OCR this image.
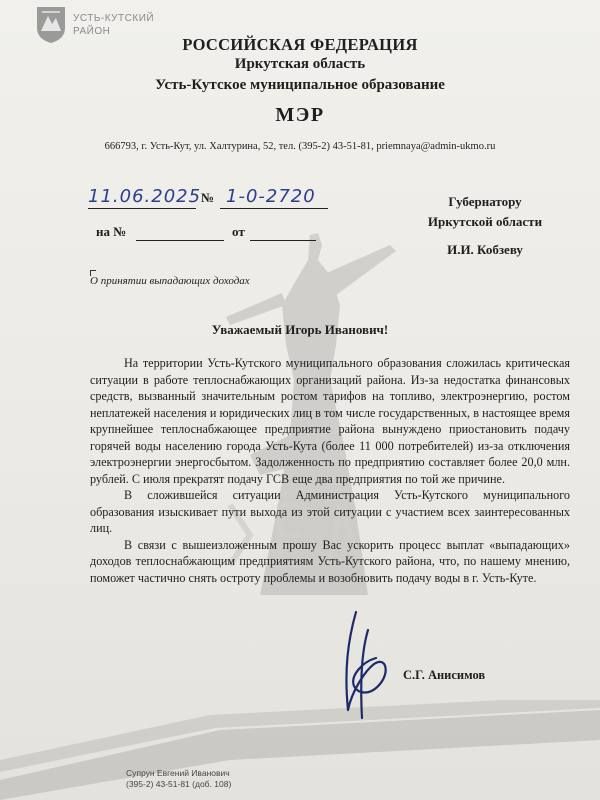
УСТЬ-КУТСКИЙ
РАЙОН
РОССИЙСКАЯ ФЕДЕРАЦИЯ
Иркутская область
Усть-Кутское муниципальное образование
МЭР
666793, г. Усть-Кут, ул. Халтурина, 52, тел. (395-2) 43-51-81, priemnaya@admin-ukmo.ru
11.06.2025 № 1-0-2720
на №	от
Губернатору
Иркутской области
И.И. Кобзеву
О принятии выпадающих доходах
Уважаемый Игорь Иванович!

На территории Усть-Кутского муниципального образования сложилась критическая ситуации в работе теплоснабжающих организаций района. Из-за недостатка финансовых средств, вызванный значительным ростом тарифов на топливо, электроэнергию, ростом неплатежей населения и юридических лиц в том числе государственных, в настоящее время крупнейшее теплоснабжающее предприятие района вынуждено приостановить подачу горячей воды населению города Усть-Кута (более 11 000 потребителей) из-за отключения электроэнергии энергосбытом. Задолженность по предприятию составляет более 20,0 млн. рублей. С июля прекратят подачу ГСВ еще два предприятия по той же причине.

В сложившейся ситуации Администрация Усть-Кутского муниципального образования изыскивает пути выхода из этой ситуации с участием всех заинтересованных лиц.

В связи с вышеизложенным прошу Вас ускорить процесс выплат «выпадающих» доходов теплоснабжающим предприятиям Усть-Кутского района, что, по нашему мнению, поможет частично снять остроту проблемы и возобновить подачу воды в г. Усть-Куте.

С.Г. Анисимов
Супрун Евгений Иванович
(395-2) 43-51-81 (доб. 108)
